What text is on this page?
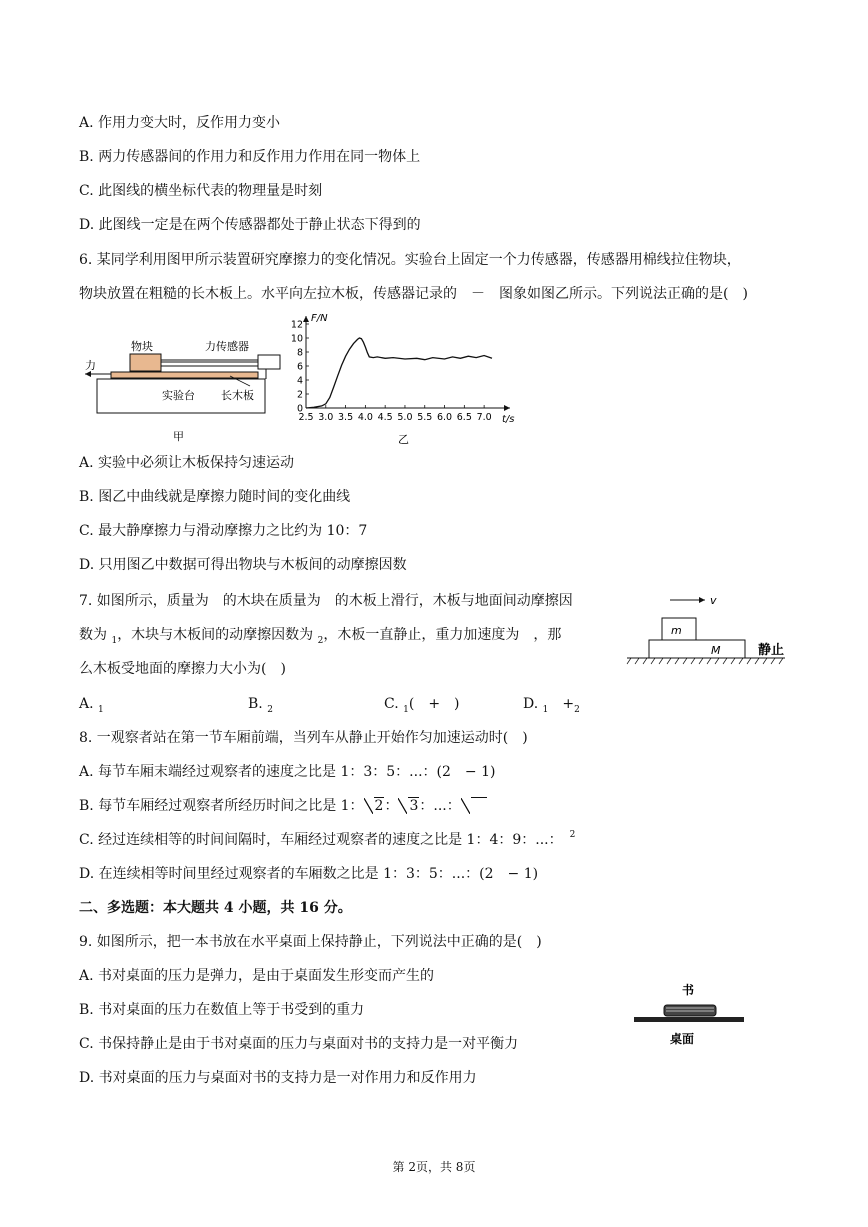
A. 作用力变大时，反作用力变小
B. 两力传感器间的作用力和反作用力作用在同一物体上
C. 此图线的横坐标代表的物理量是时刻
D. 此图线一定是在两个传感器都处于静止状态下得到的
6. 某同学利用图甲所示装置研究摩擦力的变化情况。实验台上固定一个力传感器，传感器用棉线拉住物块，
物块放置在粗糙的长木板上。水平向左拉木板，传感器记录的　－　图象如图乙所示。下列说法正确的是(　)
物块	力传感器
力
实验台 长木板
甲
2.5 3.0 3.5 4.0 4.5 5.0 5.5 6.0 6.5 7.0
0
2
4
6
8
10
12
F/N
t/s
乙
A. 实验中必须让木板保持匀速运动
B. 图乙中曲线就是摩擦力随时间的变化曲线
C. 最大静摩擦力与滑动摩擦力之比约为 10：7
D. 只用图乙中数据可得出物块与木板间的动摩擦因数
7. 如图所示，质量为　的木块在质量为　的木板上滑行，木板与地面间动摩擦因
数为 $_1$，木块与木板间的动摩擦因数为 $_2$，木板一直静止，重力加速度为　，那
么木板受地面的摩擦力大小为(　)
v
m
M	静止
A. $_1$	B. $_2$	C. $_1$(　+　)	D. $_1$　$+_2$
8. 一观察者站在第一节车厢前端，当列车从静止开始作匀加速运动时(　)
A. 每节车厢末端经过观察者的速度之比是 1：3：5：...：(2　− 1)
B. 每节车厢经过观察者所经历时间之比是 1： 2： 3：...：　
C. 经过连续相等的时间间隔时，车厢经过观察者的速度之比是 1：4：9：...：　 $^2$
D. 在连续相等时间里经过观察者的车厢数之比是 1：3：5：...：(2　− 1)
二、多选题：本大题共 4 小题，共 16 分。
9. 如图所示，把一本书放在水平桌面上保持静止，下列说法中正确的是(　)
A. 书对桌面的压力是弹力，是由于桌面发生形变而产生的
B. 书对桌面的压力在数值上等于书受到的重力
C. 书保持静止是由于书对桌面的压力与桌面对书的支持力是一对平衡力
D. 书对桌面的压力与桌面对书的支持力是一对作用力和反作用力
书
桌面
第 2页，共 8页
